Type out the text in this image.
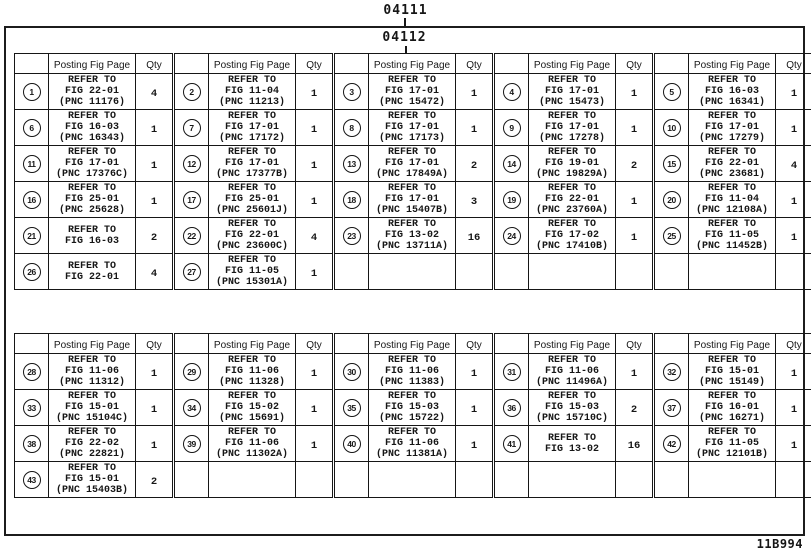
04111
04112
	Posting Fig Page	Qty
1	REFER TO
FIG 22-01
(PNC 11176)	4
6	REFER TO
FIG 16-03
(PNC 16343)	1
11	REFER TO
FIG 17-01
(PNC 17376C)	1
16	REFER TO
FIG 25-01
(PNC 25628)	1
21	REFER TO
FIG 16-03	2
26	REFER TO
FIG 22-01	4
	Posting Fig Page	Qty
2	REFER TO
FIG 11-04
(PNC 11213)	1
7	REFER TO
FIG 17-01
(PNC 17172)	1
12	REFER TO
FIG 17-01
(PNC 17377B)	1
17	REFER TO
FIG 25-01
(PNC 25601J)	1
22	REFER TO
FIG 22-01
(PNC 23600C)	4
27	REFER TO
FIG 11-05
(PNC 15301A)	1
	Posting Fig Page	Qty
3	REFER TO
FIG 17-01
(PNC 15472)	1
8	REFER TO
FIG 17-01
(PNC 17173)	1
13	REFER TO
FIG 17-01
(PNC 17849A)	2
18	REFER TO
FIG 17-01
(PNC 15407B)	3
23	REFER TO
FIG 13-02
(PNC 13711A)	16

	Posting Fig Page	Qty
4	REFER TO
FIG 17-01
(PNC 15473)	1
9	REFER TO
FIG 17-01
(PNC 17278)	1
14	REFER TO
FIG 19-01
(PNC 19829A)	2
19	REFER TO
FIG 22-01
(PNC 23760A)	1
24	REFER TO
FIG 17-02
(PNC 17410B)	1

	Posting Fig Page	Qty
5	REFER TO
FIG 16-03
(PNC 16341)	1
10	REFER TO
FIG 17-01
(PNC 17279)	1
15	REFER TO
FIG 22-01
(PNC 23681)	4
20	REFER TO
FIG 11-04
(PNC 12108A)	1
25	REFER TO
FIG 11-05
(PNC 11452B)	1

	Posting Fig Page	Qty
28	REFER TO
FIG 11-06
(PNC 11312)	1
33	REFER TO
FIG 15-01
(PNC 15104C)	1
38	REFER TO
FIG 22-02
(PNC 22821)	1
43	REFER TO
FIG 15-01
(PNC 15403B)	2
	Posting Fig Page	Qty
29	REFER TO
FIG 11-06
(PNC 11328)	1
34	REFER TO
FIG 15-02
(PNC 15691)	1
39	REFER TO
FIG 11-06
(PNC 11302A)	1

	Posting Fig Page	Qty
30	REFER TO
FIG 11-06
(PNC 11383)	1
35	REFER TO
FIG 15-03
(PNC 15722)	1
40	REFER TO
FIG 11-06
(PNC 11381A)	1

	Posting Fig Page	Qty
31	REFER TO
FIG 11-06
(PNC 11496A)	1
36	REFER TO
FIG 15-03
(PNC 15710C)	2
41	REFER TO
FIG 13-02	16

	Posting Fig Page	Qty
32	REFER TO
FIG 15-01
(PNC 15149)	1
37	REFER TO
FIG 16-01
(PNC 16271)	1
42	REFER TO
FIG 11-05
(PNC 12101B)	1

11B994
